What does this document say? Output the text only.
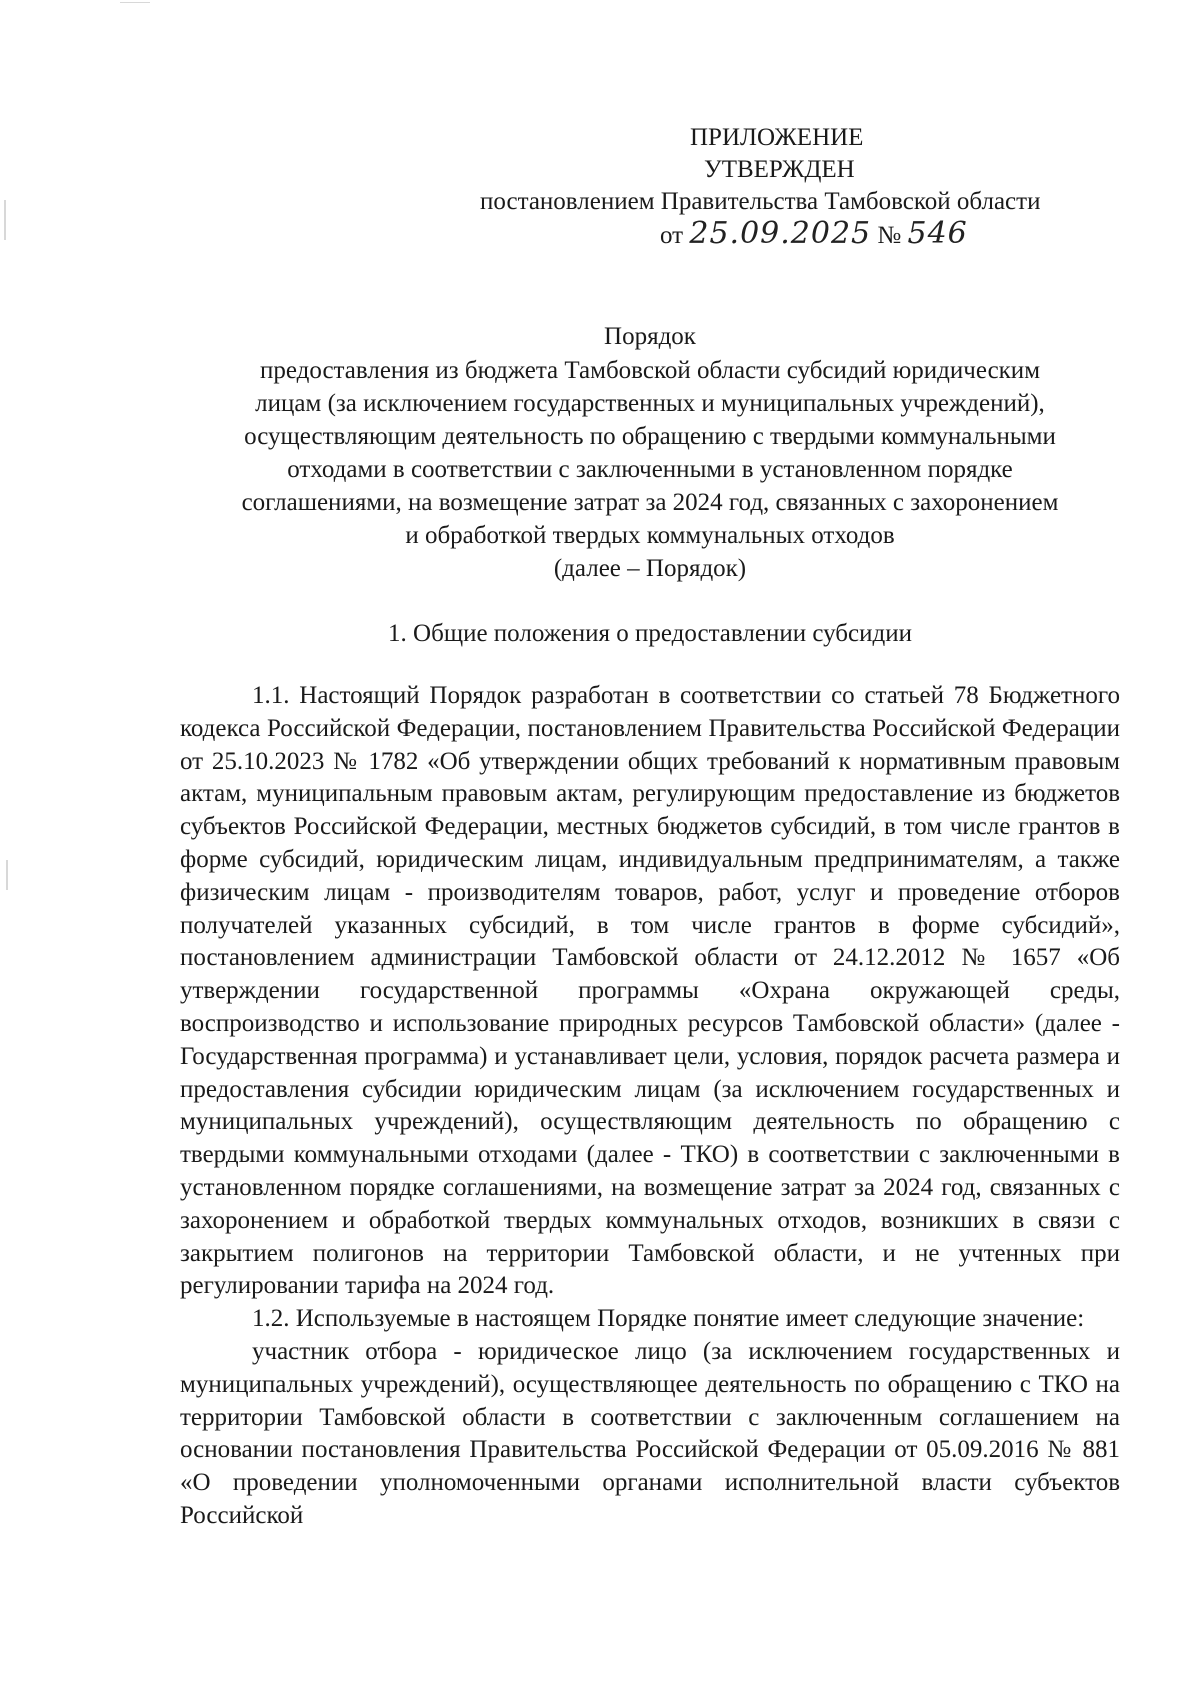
ПРИЛОЖЕНИЕ
УТВЕРЖДЕН
постановлением Правительства Тамбовской области
от 25.09.2025 № 546
Порядок
предоставления из бюджета Тамбовской области субсидий юридическим
лицам (за исключением государственных и муниципальных учреждений),
осуществляющим деятельность по обращению с твердыми коммунальными
отходами в соответствии с заключенными в установленном порядке
соглашениями, на возмещение затрат за 2024 год, связанных с захоронением
и обработкой твердых коммунальных отходов
(далее – Порядок)
1. Общие положения о предоставлении субсидии

1.1. Настоящий Порядок разработан в соответствии со статьей 78 Бюджетного кодекса Российской Федерации, постановлением Правительства Российской Федерации от 25.10.2023 № 1782 «Об утверждении общих требований к нормативным правовым актам, муниципальным правовым актам, регулирующим предоставление из бюджетов субъектов Российской Федерации, местных бюджетов субсидий, в том числе грантов в форме субсидий, юридическим лицам, индивидуальным предпринимателям, а также физическим лицам - производителям товаров, работ, услуг и проведение отборов получателей указанных субсидий, в том числе грантов в форме субсидий», постановлением администрации Тамбовской области от 24.12.2012 № 1657 «Об утверждении государственной программы «Охрана окружающей среды, воспроизводство и использование природных ресурсов Тамбовской области» (далее - Государственная программа) и устанавливает цели, условия, порядок расчета размера и предоставления субсидии юридическим лицам (за исключением государственных и муниципальных учреждений), осуществляющим деятельность по обращению с твердыми коммунальными отходами (далее - ТКО) в соответствии с заключенными в установленном порядке соглашениями, на возмещение затрат за 2024 год, связанных с захоронением и обработкой твердых коммунальных отходов, возникших в связи с закрытием полигонов на территории Тамбовской области, и не учтенных при регулировании тарифа на 2024 год.

1.2. Используемые в настоящем Порядке понятие имеет следующие значение:

участник отбора - юридическое лицо (за исключением государственных и муниципальных учреждений), осуществляющее деятельность по обращению с ТКО на территории Тамбовской области в соответствии с заключенным соглашением на основании постановления Правительства Российской Федерации от 05.09.2016 № 881 «О проведении уполномоченными органами исполнительной власти субъектов Российской
